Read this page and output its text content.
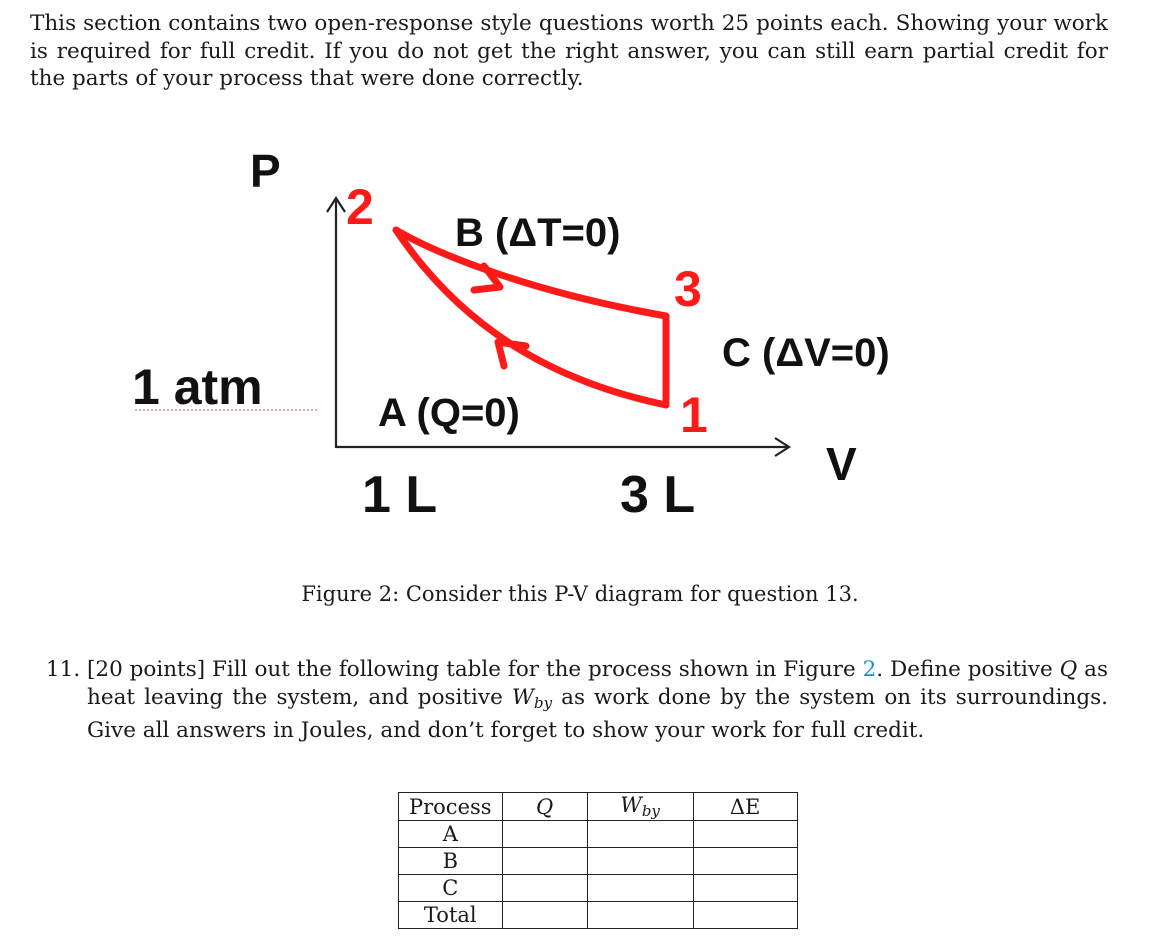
This section contains two open-response style questions worth 25 points each. Showing your work is required for full credit. If you do not get the right answer, you can still earn partial credit for the parts of your process that were done correctly.
P
V
1 atm
1 L	3 L
2
3
1
B (ΔT=0)
C (ΔV=0)
A (Q=0)
Figure 2: Consider this P-V diagram for question 13.
11. [20 points] Fill out the following table for the process shown in Figure 2. Define positive Q as heat leaving the system, and positive $W_{by}$ as work done by the system on its surroundings. Give all answers in Joules, and don’t forget to show your work for full credit.
Process	Q	$W_{by}$	ΔE
A			
B			
C			
Total			
